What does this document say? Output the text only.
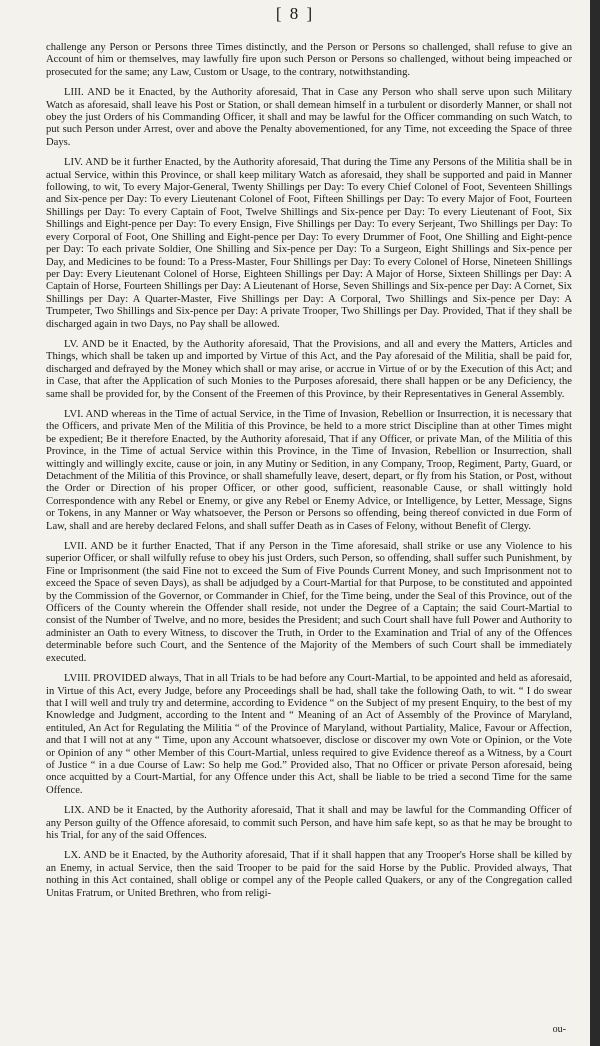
[ 8 ]

challenge any Person or Persons three Times distinctly, and the Person or Persons so challenged, shall refuse to give an Account of him or themselves, may lawfully fire upon such Person or Persons so challenged, without being impeached or prosecuted for the same; any Law, Custom or Usage, to the contrary, notwithstanding.

LIII. AND be it Enacted, by the Authority aforesaid, That in Case any Person who shall serve upon such Military Watch as aforesaid, shall leave his Post or Station, or shall demean himself in a turbulent or disorderly Manner, or shall not obey the just Orders of his Commanding Officer, it shall and may be lawful for the Officer commanding on such Watch, to put such Person under Arrest, over and above the Penalty abovementioned, for any Time, not exceeding the Space of three Days.

LIV. AND be it further Enacted, by the Authority aforesaid, That during the Time any Persons of the Militia shall be in actual Service, within this Province, or shall keep military Watch as aforesaid, they shall be supported and paid in Manner following, to wit, To every Major-General, Twenty Shillings per Day: To every Chief Colonel of Foot, Seventeen Shillings and Six-pence per Day: To every Lieutenant Colonel of Foot, Fifteen Shillings per Day: To every Major of Foot, Fourteen Shillings per Day: To every Captain of Foot, Twelve Shillings and Six-pence per Day: To every Lieutenant of Foot, Six Shillings and Eight-pence per Day: To every Ensign, Five Shillings per Day: To every Serjeant, Two Shillings per Day: To every Corporal of Foot, One Shilling and Eight-pence per Day: To every Drummer of Foot, One Shilling and Eight-pence per Day: To each private Soldier, One Shilling and Six-pence per Day: To a Surgeon, Eight Shillings and Six-pence per Day, and Medicines to be found: To a Press-Master, Four Shillings per Day: To every Colonel of Horse, Nineteen Shillings per Day: Every Lieutenant Colonel of Horse, Eighteen Shillings per Day: A Major of Horse, Sixteen Shillings per Day: A Captain of Horse, Fourteen Shillings per Day: A Lieutenant of Horse, Seven Shillings and Six-pence per Day: A Cornet, Six Shillings per Day: A Quarter-Master, Five Shillings per Day: A Corporal, Two Shillings and Six-pence per Day: A Trumpeter, Two Shillings and Six-pence per Day: A private Trooper, Two Shillings per Day. Provided, That if they shall be discharged again in two Days, no Pay shall be allowed.

LV. AND be it Enacted, by the Authority aforesaid, That the Provisions, and all and every the Matters, Articles and Things, which shall be taken up and imported by Virtue of this Act, and the Pay aforesaid of the Militia, shall be paid for, discharged and defrayed by the Money which shall or may arise, or accrue in Virtue of or by the Execution of this Act; and in Case, that after the Application of such Monies to the Purposes aforesaid, there shall happen or be any Deficiency, the same shall be provided for, by the Consent of the Freemen of this Province, by their Representatives in General Assembly.

LVI. AND whereas in the Time of actual Service, in the Time of Invasion, Rebellion or Insurrection, it is necessary that the Officers, and private Men of the Militia of this Province, be held to a more strict Discipline than at other Times might be expedient; Be it therefore Enacted, by the Authority aforesaid, That if any Officer, or private Man, of the Militia of this Province, in the Time of actual Service within this Province, in the Time of Invasion, Rebellion or Insurrection, shall wittingly and willingly excite, cause or join, in any Mutiny or Sedition, in any Company, Troop, Regiment, Party, Guard, or Detachment of the Militia of this Province, or shall shamefully leave, desert, depart, or fly from his Station, or Post, without the Order or Direction of his proper Officer, or other good, sufficient, reasonable Cause, or shall wittingly hold Correspondence with any Rebel or Enemy, or give any Rebel or Enemy Advice, or Intelligence, by Letter, Message, Signs or Tokens, in any Manner or Way whatsoever, the Person or Persons so offending, being thereof convicted in due Form of Law, shall and are hereby declared Felons, and shall suffer Death as in Cases of Felony, without Benefit of Clergy.

LVII. AND be it further Enacted, That if any Person in the Time aforesaid, shall strike or use any Violence to his superior Officer, or shall wilfully refuse to obey his just Orders, such Person, so offending, shall suffer such Punishment, by Fine or Imprisonment (the said Fine not to exceed the Sum of Five Pounds Current Money, and such Imprisonment not to exceed the Space of seven Days), as shall be adjudged by a Court-Martial for that Purpose, to be constituted and appointed by the Commission of the Governor, or Commander in Chief, for the Time being, under the Seal of this Province, out of the Officers of the County wherein the Offender shall reside, not under the Degree of a Captain; the said Court-Martial to consist of the Number of Twelve, and no more, besides the President; and such Court shall have full Power and Authority to administer an Oath to every Witness, to discover the Truth, in Order to the Examination and Trial of any of the Offences determinable before such Court, and the Sentence of the Majority of the Members of such Court shall be immediately executed.

LVIII. PROVIDED always, That in all Trials to be had before any Court-Martial, to be appointed and held as aforesaid, in Virtue of this Act, every Judge, before any Proceedings shall be had, shall take the following Oath, to wit. “ I do swear that I will well and truly try and determine, according to Evidence “ on the Subject of my present Enquiry, to the best of my Knowledge and Judgment, according to the Intent and “ Meaning of an Act of Assembly of the Province of Maryland, entituled, An Act for Regulating the Militia “ of the Province of Maryland, without Partiality, Malice, Favour or Affection, and that I will not at any “ Time, upon any Account whatsoever, disclose or discover my own Vote or Opinion, or the Vote or Opinion of any “ other Member of this Court-Martial, unless required to give Evidence thereof as a Witness, by a Court of Justice “ in a due Course of Law: So help me God.” Provided also, That no Officer or private Person aforesaid, being once acquitted by a Court-Martial, for any Offence under this Act, shall be liable to be tried a second Time for the same Offence.

LIX. AND be it Enacted, by the Authority aforesaid, That it shall and may be lawful for the Commanding Officer of any Person guilty of the Offence aforesaid, to commit such Person, and have him safe kept, so as that he may be brought to his Trial, for any of the said Offences.

LX. AND be it Enacted, by the Authority aforesaid, That if it shall happen that any Trooper's Horse shall be killed by an Enemy, in actual Service, then the said Trooper to be paid for the said Horse by the Public. Provided always, That nothing in this Act contained, shall oblige or compel any of the People called Quakers, or any of the Congregation called Unitas Fratrum, or United Brethren, who from religi-

ou-
